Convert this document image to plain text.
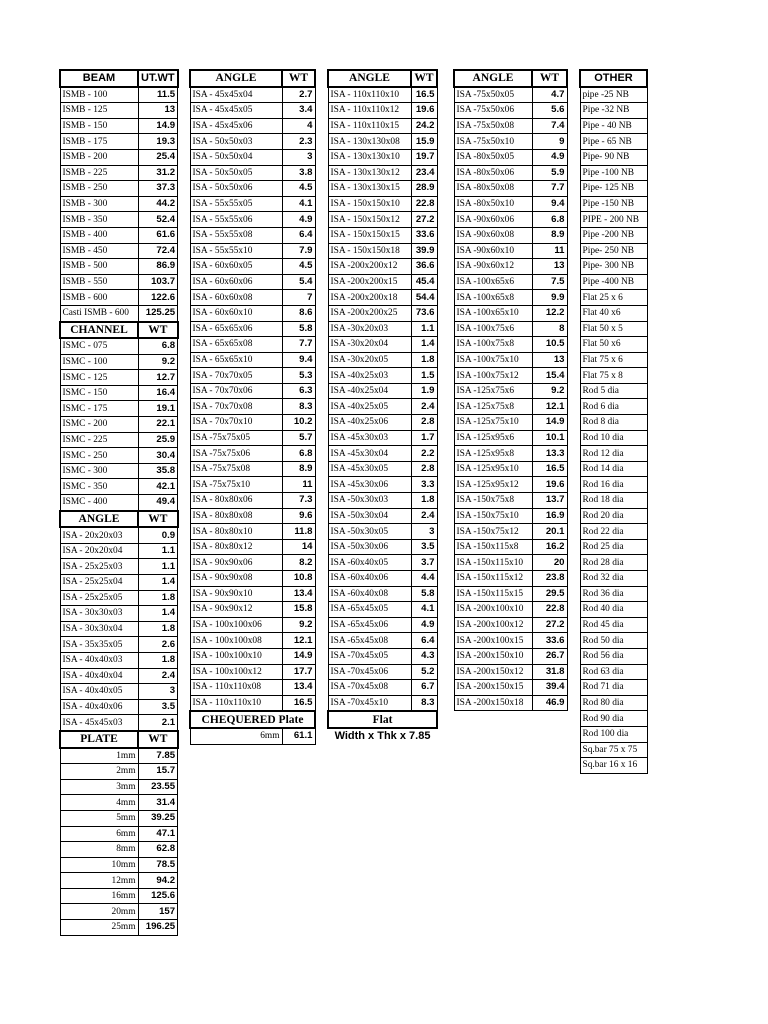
BEAM	UT.WT
ISMB - 100	11.5
ISMB - 125	13
ISMB - 150	14.9
ISMB - 175	19.3
ISMB - 200	25.4
ISMB - 225	31.2
ISMB - 250	37.3
ISMB - 300	44.2
ISMB - 350	52.4
ISMB - 400	61.6
ISMB - 450	72.4
ISMB - 500	86.9
ISMB - 550	103.7
ISMB - 600	122.6
Casti ISMB - 600	125.25
CHANNEL	WT
ISMC - 075	6.8
ISMC - 100	9.2
ISMC - 125	12.7
ISMC - 150	16.4
ISMC - 175	19.1
ISMC - 200	22.1
ISMC - 225	25.9
ISMC - 250	30.4
ISMC - 300	35.8
ISMC - 350	42.1
ISMC - 400	49.4
ANGLE	WT
ISA - 20x20x03	0.9
ISA - 20x20x04	1.1
ISA - 25x25x03	1.1
ISA - 25x25x04	1.4
ISA - 25x25x05	1.8
ISA - 30x30x03	1.4
ISA - 30x30x04	1.8
ISA - 35x35x05	2.6
ISA - 40x40x03	1.8
ISA - 40x40x04	2.4
ISA - 40x40x05	3
ISA - 40x40x06	3.5
ISA - 45x45x03	2.1
PLATE	WT
1mm	7.85
2mm	15.7
3mm	23.55
4mm	31.4
5mm	39.25
6mm	47.1
8mm	62.8
10mm	78.5
12mm	94.2
16mm	125.6
20mm	157
25mm	196.25
ANGLE	WT
ISA - 45x45x04	2.7
ISA - 45x45x05	3.4
ISA - 45x45x06	4
ISA - 50x50x03	2.3
ISA - 50x50x04	3
ISA - 50x50x05	3.8
ISA - 50x50x06	4.5
ISA - 55x55x05	4.1
ISA - 55x55x06	4.9
ISA - 55x55x08	6.4
ISA - 55x55x10	7.9
ISA - 60x60x05	4.5
ISA - 60x60x06	5.4
ISA - 60x60x08	7
ISA - 60x60x10	8.6
ISA - 65x65x06	5.8
ISA - 65x65x08	7.7
ISA - 65x65x10	9.4
ISA - 70x70x05	5.3
ISA - 70x70x06	6.3
ISA - 70x70x08	8.3
ISA - 70x70x10	10.2
ISA -75x75x05	5.7
ISA -75x75x06	6.8
ISA -75x75x08	8.9
ISA -75x75x10	11
ISA - 80x80x06	7.3
ISA - 80x80x08	9.6
ISA - 80x80x10	11.8
ISA - 80x80x12	14
ISA - 90x90x06	8.2
ISA - 90x90x08	10.8
ISA - 90x90x10	13.4
ISA - 90x90x12	15.8
ISA - 100x100x06	9.2
ISA - 100x100x08	12.1
ISA - 100x100x10	14.9
ISA - 100x100x12	17.7
ISA - 110x110x08	13.4
ISA - 110x110x10	16.5
CHEQUERED Plate	
6mm	61.1
ANGLE	WT
ISA - 110x110x10	16.5
ISA - 110x110x12	19.6
ISA - 110x110x15	24.2
ISA - 130x130x08	15.9
ISA - 130x130x10	19.7
ISA - 130x130x12	23.4
ISA - 130x130x15	28.9
ISA - 150x150x10	22.8
ISA - 150x150x12	27.2
ISA - 150x150x15	33.6
ISA - 150x150x18	39.9
ISA -200x200x12	36.6
ISA -200x200x15	45.4
ISA -200x200x18	54.4
ISA -200x200x25	73.6
ISA -30x20x03	1.1
ISA -30x20x04	1.4
ISA -30x20x05	1.8
ISA -40x25x03	1.5
ISA -40x25x04	1.9
ISA -40x25x05	2.4
ISA -40x25x06	2.8
ISA -45x30x03	1.7
ISA -45x30x04	2.2
ISA -45x30x05	2.8
ISA -45x30x06	3.3
ISA -50x30x03	1.8
ISA -50x30x04	2.4
ISA -50x30x05	3
ISA -50x30x06	3.5
ISA -60x40x05	3.7
ISA -60x40x06	4.4
ISA -60x40x08	5.8
ISA -65x45x05	4.1
ISA -65x45x06	4.9
ISA -65x45x08	6.4
ISA -70x45x05	4.3
ISA -70x45x06	5.2
ISA -70x45x08	6.7
ISA -70x45x10	8.3
Flat	
Width x Thk x 7.85	
ANGLE	WT
ISA -75x50x05	4.7
ISA -75x50x06	5.6
ISA -75x50x08	7.4
ISA -75x50x10	9
ISA -80x50x05	4.9
ISA -80x50x06	5.9
ISA -80x50x08	7.7
ISA -80x50x10	9.4
ISA -90x60x06	6.8
ISA -90x60x08	8.9
ISA -90x60x10	11
ISA -90x60x12	13
ISA -100x65x6	7.5
ISA -100x65x8	9.9
ISA -100x65x10	12.2
ISA -100x75x6	8
ISA -100x75x8	10.5
ISA -100x75x10	13
ISA -100x75x12	15.4
ISA -125x75x6	9.2
ISA -125x75x8	12.1
ISA -125x75x10	14.9
ISA -125x95x6	10.1
ISA -125x95x8	13.3
ISA -125x95x10	16.5
ISA -125x95x12	19.6
ISA -150x75x8	13.7
ISA -150x75x10	16.9
ISA -150x75x12	20.1
ISA -150x115x8	16.2
ISA -150x115x10	20
ISA -150x115x12	23.8
ISA -150x115x15	29.5
ISA -200x100x10	22.8
ISA -200x100x12	27.2
ISA -200x100x15	33.6
ISA -200x150x10	26.7
ISA -200x150x12	31.8
ISA -200x150x15	39.4
ISA -200x150x18	46.9
OTHER
pipe -25 NB
Pipe -32 NB
Pipe - 40 NB
Pipe - 65 NB
Pipe- 90 NB
Pipe -100 NB
Pipe- 125 NB
Pipe -150 NB
PIPE - 200 NB
Pipe -200 NB
Pipe- 250 NB
Pipe- 300 NB
Pipe -400 NB
Flat 25 x 6
Flat 40 x6
Flat 50 x 5
Flat 50 x6
Flat 75 x 6
Flat 75 x 8
Rod 5 dia
Rod 6 dia
Rod 8 dia
Rod 10 dia
Rod 12 dia
Rod 14 dia
Rod 16 dia
Rod 18 dia
Rod 20 dia
Rod 22 dia
Rod 25 dia
Rod 28 dia
Rod 32 dia
Rod 36 dia
Rod 40 dia
Rod 45 dia
Rod 50 dia
Rod 56 dia
Rod 63 dia
Rod 71 dia
Rod 80 dia
Rod 90 dia
Rod 100 dia
Sq.bar 75 x 75
Sq.bar 16 x 16
